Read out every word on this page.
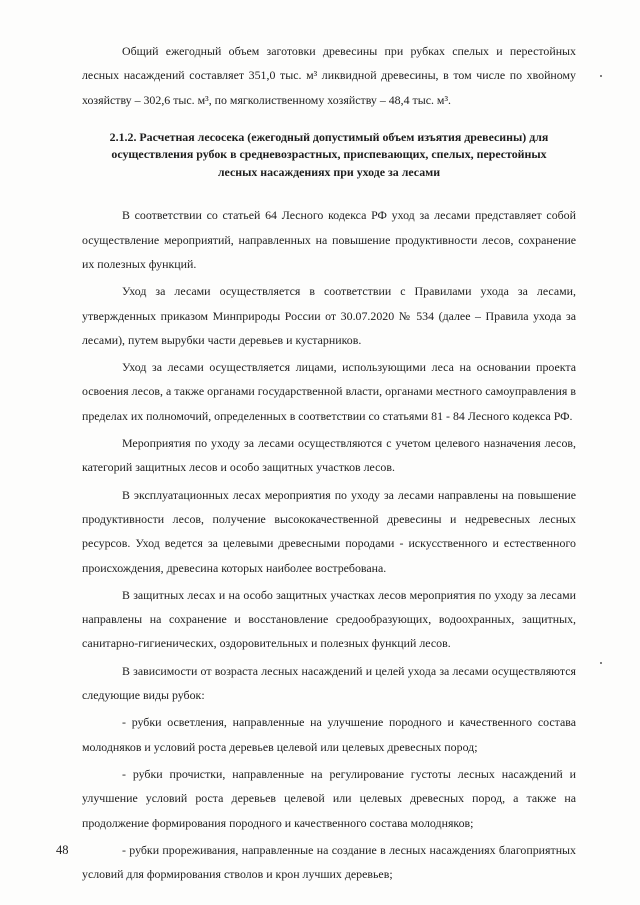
Общий ежегодный объем заготовки древесины при рубках спелых и перестойных лесных насаждений составляет 351,0 тыс. м³ ликвидной древесины, в том числе по хвойному хозяйству – 302,6 тыс. м³, по мягколиственному хозяйству – 48,4 тыс. м³.

2.1.2. Расчетная лесосека (ежегодный допустимый объем изъятия древесины) для
осуществления рубок в средневозрастных, приспевающих, спелых, перестойных
лесных насаждениях при уходе за лесами

В соответствии со статьей 64 Лесного кодекса РФ уход за лесами представляет собой осуществление мероприятий, направленных на повышение продуктивности лесов, сохранение их полезных функций.

Уход за лесами осуществляется в соответствии с Правилами ухода за лесами, утвержденных приказом Минприроды России от 30.07.2020 № 534 (далее – Правила ухода за лесами), путем вырубки части деревьев и кустарников.

Уход за лесами осуществляется лицами, использующими леса на основании проекта освоения лесов, а также органами государственной власти, органами местного самоуправления в пределах их полномочий, определенных в соответствии со статьями 81 - 84 Лесного кодекса РФ.

Мероприятия по уходу за лесами осуществляются с учетом целевого назначения лесов, категорий защитных лесов и особо защитных участков лесов.

В эксплуатационных лесах мероприятия по уходу за лесами направлены на повышение продуктивности лесов, получение высококачественной древесины и недревесных лесных ресурсов. Уход ведется за целевыми древесными породами - искусственного и естественного происхождения, древесина которых наиболее востребована.

В защитных лесах и на особо защитных участках лесов мероприятия по уходу за лесами направлены на сохранение и восстановление средообразующих, водоохранных, защитных, санитарно-гигиенических, оздоровительных и полезных функций лесов.

В зависимости от возраста лесных насаждений и целей ухода за лесами осуществляются следующие виды рубок:

- рубки осветления, направленные на улучшение породного и качественного состава молодняков и условий роста деревьев целевой или целевых древесных пород;

- рубки прочистки, направленные на регулирование густоты лесных насаждений и улучшение условий роста деревьев целевой или целевых древесных пород, а также на продолжение формирования породного и качественного состава молодняков;

- рубки прореживания, направленные на создание в лесных насаждениях благоприятных условий для формирования стволов и крон лучших деревьев;

48
